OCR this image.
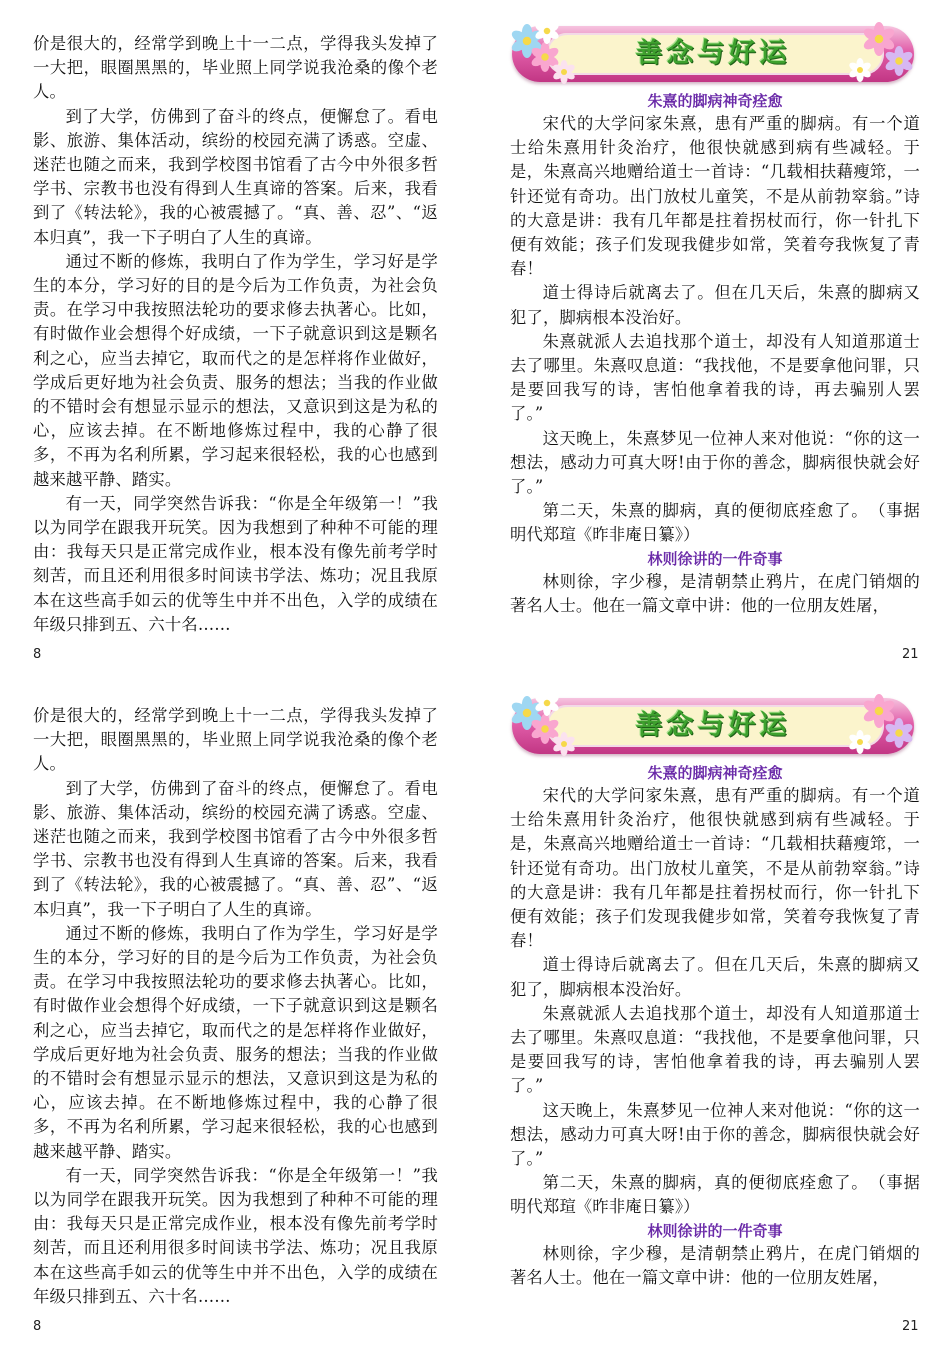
价是很大的，经常学到晚上十一二点，学得我头发掉了一大把，眼圈黑黑的，毕业照上同学说我沧桑的像个老人。

到了大学，仿佛到了奋斗的终点，便懈怠了。看电影、旅游、集体活动，缤纷的校园充满了诱惑。空虚、迷茫也随之而来，我到学校图书馆看了古今中外很多哲学书、宗教书也没有得到人生真谛的答案。后来，我看到了《转法轮》，我的心被震撼了。“真、善、忍”、“返本归真”，我一下子明白了人生的真谛。

通过不断的修炼，我明白了作为学生，学习好是学生的本分，学习好的目的是今后为工作负责，为社会负责。在学习中我按照法轮功的要求修去执著心。比如，有时做作业会想得个好成绩，一下子就意识到这是颗名利之心，应当去掉它，取而代之的是怎样将作业做好，学成后更好地为社会负责、服务的想法；当我的作业做的不错时会有想显示显示的想法，又意识到这是为私的心，应该去掉。在不断地修炼过程中，我的心静了很多，不再为名利所累，学习起来很轻松，我的心也感到越来越平静、踏实。

有一天，同学突然告诉我：“你是全年级第一！”我以为同学在跟我开玩笑。因为我想到了种种不可能的理由：我每天只是正常完成作业，根本没有像先前考学时刻苦，而且还利用很多时间读书学法、炼功；况且我原本在这些高手如云的优等生中并不出色，入学的成绩在年级只排到五、六十名……

善念与好运
朱熹的脚病神奇痊愈

宋代的大学问家朱熹，患有严重的脚病。有一个道士给朱熹用针灸治疗，他很快就感到病有些减轻。于是，朱熹高兴地赠给道士一首诗：“几载相扶藉瘦筇，一针还觉有奇功。出门放杖儿童笑，不是从前勃窣翁。”诗的大意是讲：我有几年都是拄着拐杖而行，你一针扎下便有效能；孩子们发现我健步如常，笑着夸我恢复了青春！

道士得诗后就离去了。但在几天后，朱熹的脚病又犯了，脚病根本没治好。

朱熹就派人去追找那个道士，却没有人知道那道士去了哪里。朱熹叹息道：“我找他，不是要拿他问罪，只是要回我写的诗，害怕他拿着我的诗，再去骗别人罢了。”

这天晚上，朱熹梦见一位神人来对他说：“你的这一想法，感动力可真大呀!由于你的善念，脚病很快就会好了。”

第二天，朱熹的脚病，真的便彻底痊愈了。　（事据明代郑瑄《昨非庵日纂》）

林则徐讲的一件奇事

林则徐，字少穆，是清朝禁止鸦片，在虎门销烟的著名人士。他在一篇文章中讲：他的一位朋友姓屠，

8	21

价是很大的，经常学到晚上十一二点，学得我头发掉了一大把，眼圈黑黑的，毕业照上同学说我沧桑的像个老人。

到了大学，仿佛到了奋斗的终点，便懈怠了。看电影、旅游、集体活动，缤纷的校园充满了诱惑。空虚、迷茫也随之而来，我到学校图书馆看了古今中外很多哲学书、宗教书也没有得到人生真谛的答案。后来，我看到了《转法轮》，我的心被震撼了。“真、善、忍”、“返本归真”，我一下子明白了人生的真谛。

通过不断的修炼，我明白了作为学生，学习好是学生的本分，学习好的目的是今后为工作负责，为社会负责。在学习中我按照法轮功的要求修去执著心。比如，有时做作业会想得个好成绩，一下子就意识到这是颗名利之心，应当去掉它，取而代之的是怎样将作业做好，学成后更好地为社会负责、服务的想法；当我的作业做的不错时会有想显示显示的想法，又意识到这是为私的心，应该去掉。在不断地修炼过程中，我的心静了很多，不再为名利所累，学习起来很轻松，我的心也感到越来越平静、踏实。

有一天，同学突然告诉我：“你是全年级第一！”我以为同学在跟我开玩笑。因为我想到了种种不可能的理由：我每天只是正常完成作业，根本没有像先前考学时刻苦，而且还利用很多时间读书学法、炼功；况且我原本在这些高手如云的优等生中并不出色，入学的成绩在年级只排到五、六十名……

善念与好运
朱熹的脚病神奇痊愈

宋代的大学问家朱熹，患有严重的脚病。有一个道士给朱熹用针灸治疗，他很快就感到病有些减轻。于是，朱熹高兴地赠给道士一首诗：“几载相扶藉瘦筇，一针还觉有奇功。出门放杖儿童笑，不是从前勃窣翁。”诗的大意是讲：我有几年都是拄着拐杖而行，你一针扎下便有效能；孩子们发现我健步如常，笑着夸我恢复了青春！

道士得诗后就离去了。但在几天后，朱熹的脚病又犯了，脚病根本没治好。

朱熹就派人去追找那个道士，却没有人知道那道士去了哪里。朱熹叹息道：“我找他，不是要拿他问罪，只是要回我写的诗，害怕他拿着我的诗，再去骗别人罢了。”

这天晚上，朱熹梦见一位神人来对他说：“你的这一想法，感动力可真大呀!由于你的善念，脚病很快就会好了。”

第二天，朱熹的脚病，真的便彻底痊愈了。　（事据明代郑瑄《昨非庵日纂》）

林则徐讲的一件奇事

林则徐，字少穆，是清朝禁止鸦片，在虎门销烟的著名人士。他在一篇文章中讲：他的一位朋友姓屠，

8	21
